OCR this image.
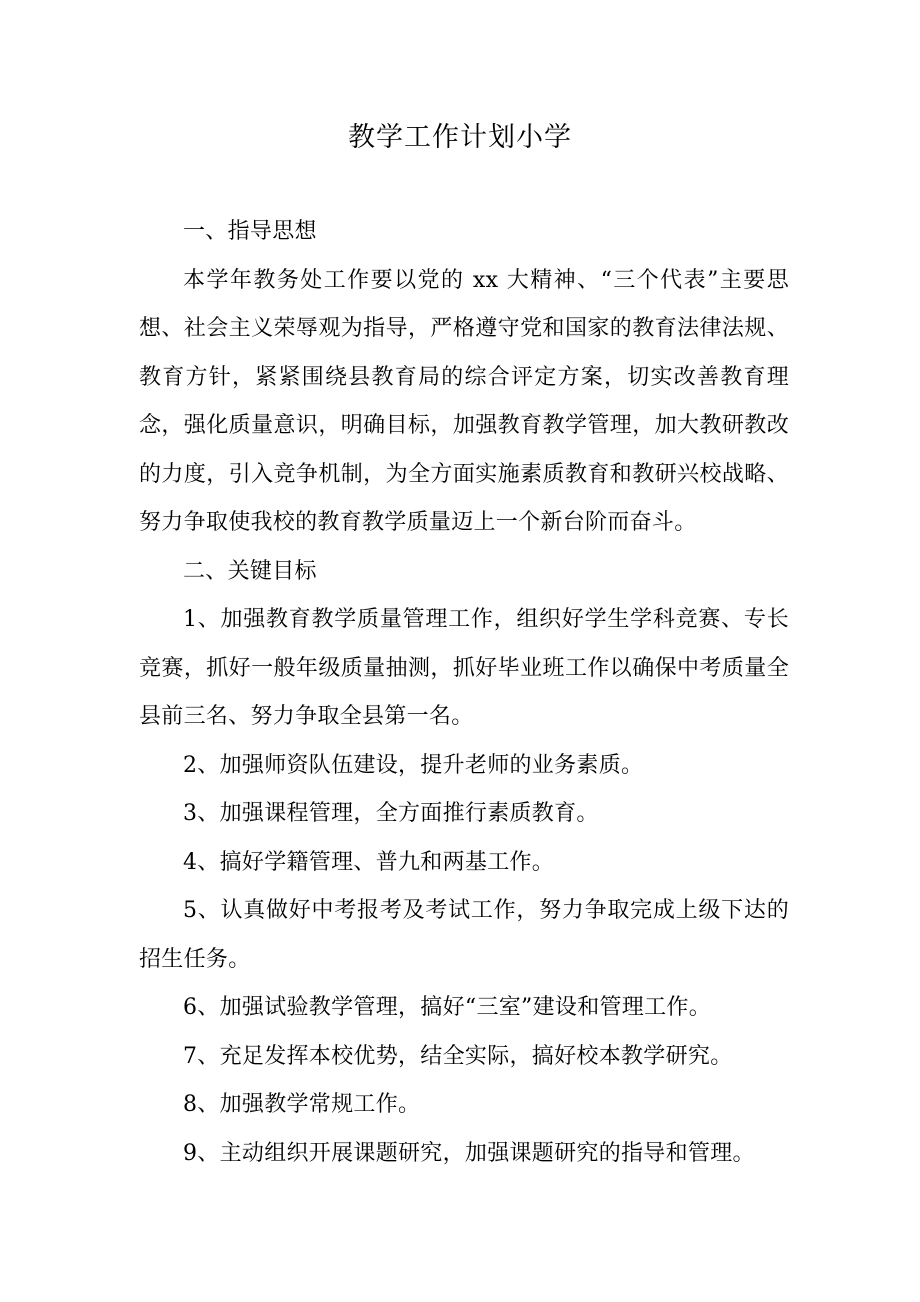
教学工作计划小学

一、指导思想

本学年教务处工作要以党的 xx 大精神、“三个代表”主要思想、社会主义荣辱观为指导，严格遵守党和国家的教育法律法规、教育方针，紧紧围绕县教育局的综合评定方案，切实改善教育理念，强化质量意识，明确目标，加强教育教学管理，加大教研教改的力度，引入竞争机制，为全方面实施素质教育和教研兴校战略、努力争取使我校的教育教学质量迈上一个新台阶而奋斗。

二、关键目标

1、加强教育教学质量管理工作，组织好学生学科竞赛、专长竞赛，抓好一般年级质量抽测，抓好毕业班工作以确保中考质量全县前三名、努力争取全县第一名。

2、加强师资队伍建设，提升老师的业务素质。

3、加强课程管理，全方面推行素质教育。

4、搞好学籍管理、普九和两基工作。

5、认真做好中考报考及考试工作，努力争取完成上级下达的招生任务。

6、加强试验教学管理，搞好“三室”建设和管理工作。

7、充足发挥本校优势，结全实际，搞好校本教学研究。

8、加强教学常规工作。

9、主动组织开展课题研究，加强课题研究的指导和管理。
